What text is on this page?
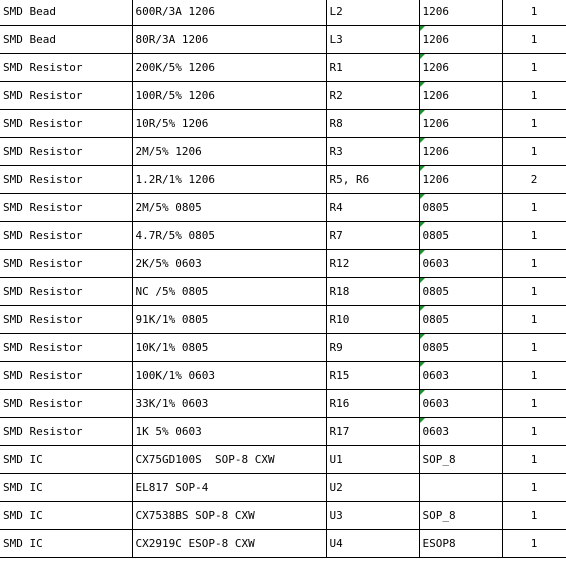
SMD Bead	600R/3A 1206	L2	1206	1
SMD Bead	80R/3A 1206	L3	1206	1
SMD Resistor	200K/5% 1206	R1	1206	1
SMD Resistor	100R/5% 1206	R2	1206	1
SMD Resistor	10R/5% 1206	R8	1206	1
SMD Resistor	2M/5% 1206	R3	1206	1
SMD Resistor	1.2R/1% 1206	R5, R6	1206	2
SMD Resistor	2M/5% 0805	R4	0805	1
SMD Resistor	4.7R/5% 0805	R7	0805	1
SMD Resistor	2K/5% 0603	R12	0603	1
SMD Resistor	NC /5% 0805	R18	0805	1
SMD Resistor	91K/1% 0805	R10	0805	1
SMD Resistor	10K/1% 0805	R9	0805	1
SMD Resistor	100K/1% 0603	R15	0603	1
SMD Resistor	33K/1% 0603	R16	0603	1
SMD Resistor	1K 5% 0603	R17	0603	1
SMD IC	CX75GD100S  SOP-8 CXW	U1	SOP_8	1
SMD IC	EL817 SOP-4	U2		1
SMD IC	CX7538BS SOP-8 CXW	U3	SOP_8	1
SMD IC	CX2919C ESOP-8 CXW	U4	ESOP8	1
